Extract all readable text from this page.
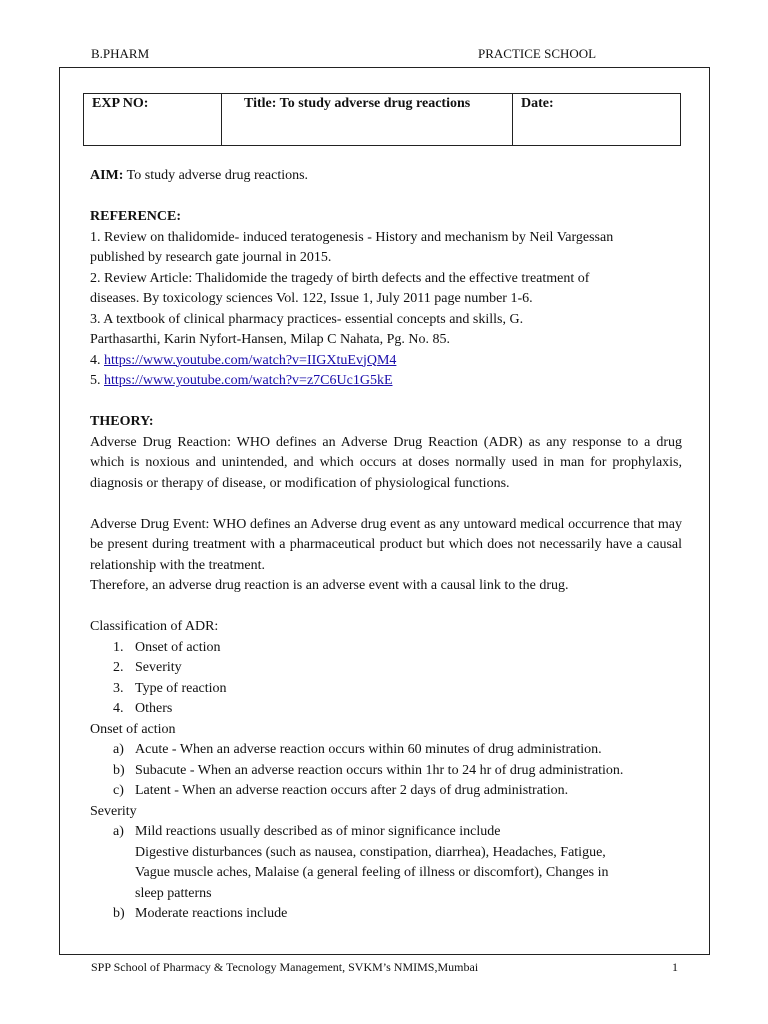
B.PHARM	PRACTICE SCHOOL
EXP NO:	Title: To study adverse drug reactions	Date:

AIM: To study adverse drug reactions.

REFERENCE:

1. Review on thalidomide- induced teratogenesis - History and mechanism by Neil Vargessan

published by research gate journal in 2015.

2. Review Article: Thalidomide the tragedy of birth defects and the effective treatment of

diseases. By toxicology sciences Vol. 122, Issue 1, July 2011 page number 1-6.

3. A textbook of clinical pharmacy practices- essential concepts and skills, G.

Parthasarthi, Karin Nyfort-Hansen, Milap C Nahata, Pg. No. 85.

4. https://www.youtube.com/watch?v=IIGXtuEvjQM4

5. https://www.youtube.com/watch?v=z7C6Uc1G5kE

THEORY:

Adverse Drug Reaction: WHO defines an Adverse Drug Reaction (ADR) as any response to a drug which is noxious and unintended, and which occurs at doses normally used in man for prophylaxis, diagnosis or therapy of disease, or modification of physiological functions.

Adverse Drug Event: WHO defines an Adverse drug event as any untoward medical occurrence that may be present during treatment with a pharmaceutical product but which does not necessarily have a causal relationship with the treatment.

Therefore, an adverse drug reaction is an adverse event with a causal link to the drug.

Classification of ADR:

1. Onset of action

2. Severity

3. Type of reaction

4. Others

Onset of action

a) Acute - When an adverse reaction occurs within 60 minutes of drug administration.

b) Subacute - When an adverse reaction occurs within 1hr to 24 hr of drug administration.

c) Latent - When an adverse reaction occurs after 2 days of drug administration.

Severity

a) Mild reactions usually described as of minor significance include

Digestive disturbances (such as nausea, constipation, diarrhea), Headaches, Fatigue,

Vague muscle aches, Malaise (a general feeling of illness or discomfort), Changes in

sleep patterns

b) Moderate reactions include

SPP School of Pharmacy & Tecnology Management, SVKM’s NMIMS,Mumbai	1
